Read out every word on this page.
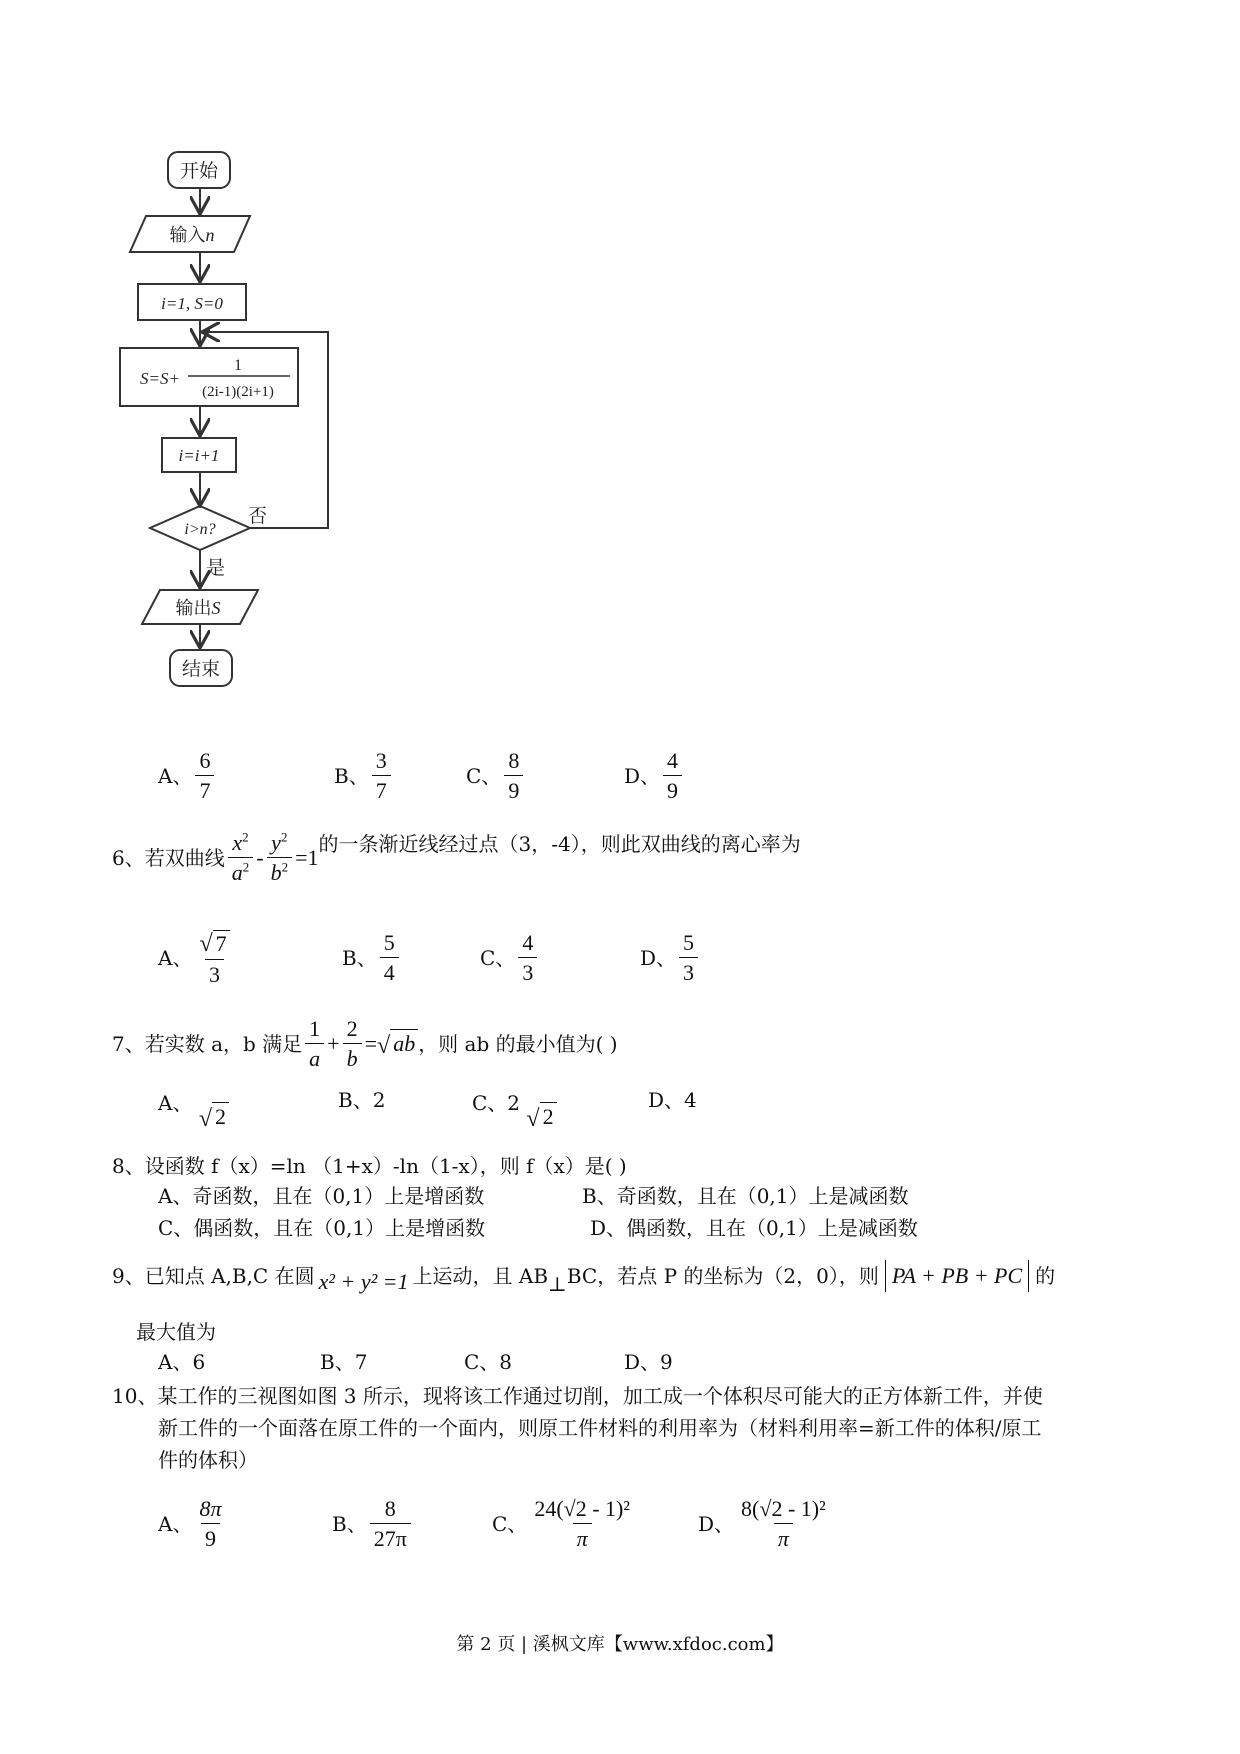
开始
输入n
i=1, S=0
S=S+
1
(2i-1)(2i+1)
i=i+1
i>n?
否
是
输出S
结束
A、 $\frac{6}{7}$	B、 $\frac{3}{7}$	C、 $\frac{8}{9}$	D、 $\frac{4}{9}$
6、若双曲线 $\frac{x^2}{a^2} - \frac{y^2}{b^2} =1$
的一条渐近线经过点（3，-4），则此双曲线的离心率为
A、 $\frac{√ 7}{3}$	B、 $\frac{5}{4}$	C、 $\frac{4}{3}$	D、 $\frac{5}{3}$
7、若实数 a，b 满足 $\frac{1}{a} + \frac{2}{b}$ = √ ab ，则 ab 的最小值为( )
A、
√ 2
B、2	C、2
√ 2
D、4
8、设函数 f（x）=ln （1+x）-ln（1-x），则 f（x）是( )
A、奇函数，且在（0,1）上是增函数	B、奇函数，且在（0,1）上是减函数
C、偶函数，且在（0,1）上是增函数	D、偶函数，且在（0,1）上是减函数
9、已知点 A,B,C 在圆 x² + y² =1 上运动，且 AB ⊥ BC，若点 P 的坐标为（2，0），则 PA + PB + PC 的
最大值为
A、6	B、7	C、8	D、9
10、某工作的三视图如图 3 所示，现将该工作通过切削，加工成一个体积尽可能大的正方体新工件，并使
新工件的一个面落在原工件的一个面内，则原工件材料的利用率为（材料利用率=新工件的体积/原工
件的体积）
A、 $\frac{8\pi}{9}$	B、 $\frac{8}{27\pi}$	C、 $\frac{\text{24(√2 - 1)²}}{\pi}$	D、 $\frac{\text{8(√2 - 1)²}}{\pi}$
第 2 页 | 溪枫文库【www.xfdoc.com】
